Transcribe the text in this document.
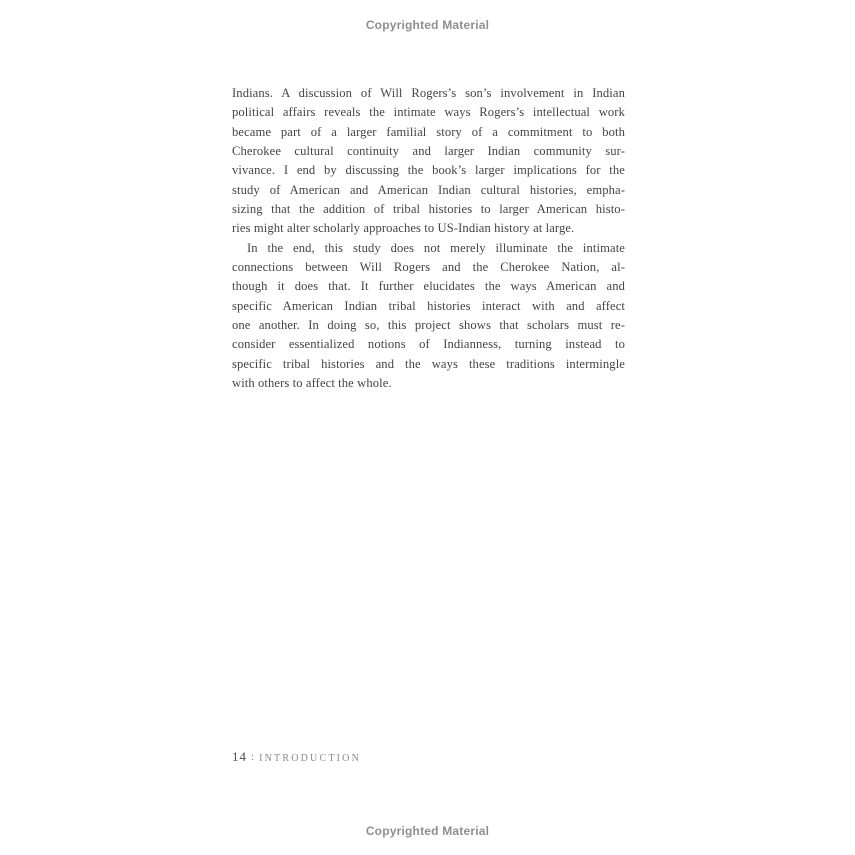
Copyrighted Material
Indians. A discussion of Will Rogers’s son’s involvement in Indian
political affairs reveals the intimate ways Rogers’s intellectual work
became part of a larger familial story of a commitment to both
Cherokee cultural continuity and larger Indian community sur-
vivance. I end by discussing the book’s larger implications for the
study of American and American Indian cultural histories, empha-
sizing that the addition of tribal histories to larger American histo-
ries might alter scholarly approaches to US-Indian history at large.
In the end, this study does not merely illuminate the intimate
connections between Will Rogers and the Cherokee Nation, al-
though it does that. It further elucidates the ways American and
specific American Indian tribal histories interact with and affect
one another. In doing so, this project shows that scholars must re-
consider essentialized notions of Indianness, turning instead to
specific tribal histories and the ways these traditions intermingle
with others to affect the whole.
14 : INTRODUCTION
Copyrighted Material
